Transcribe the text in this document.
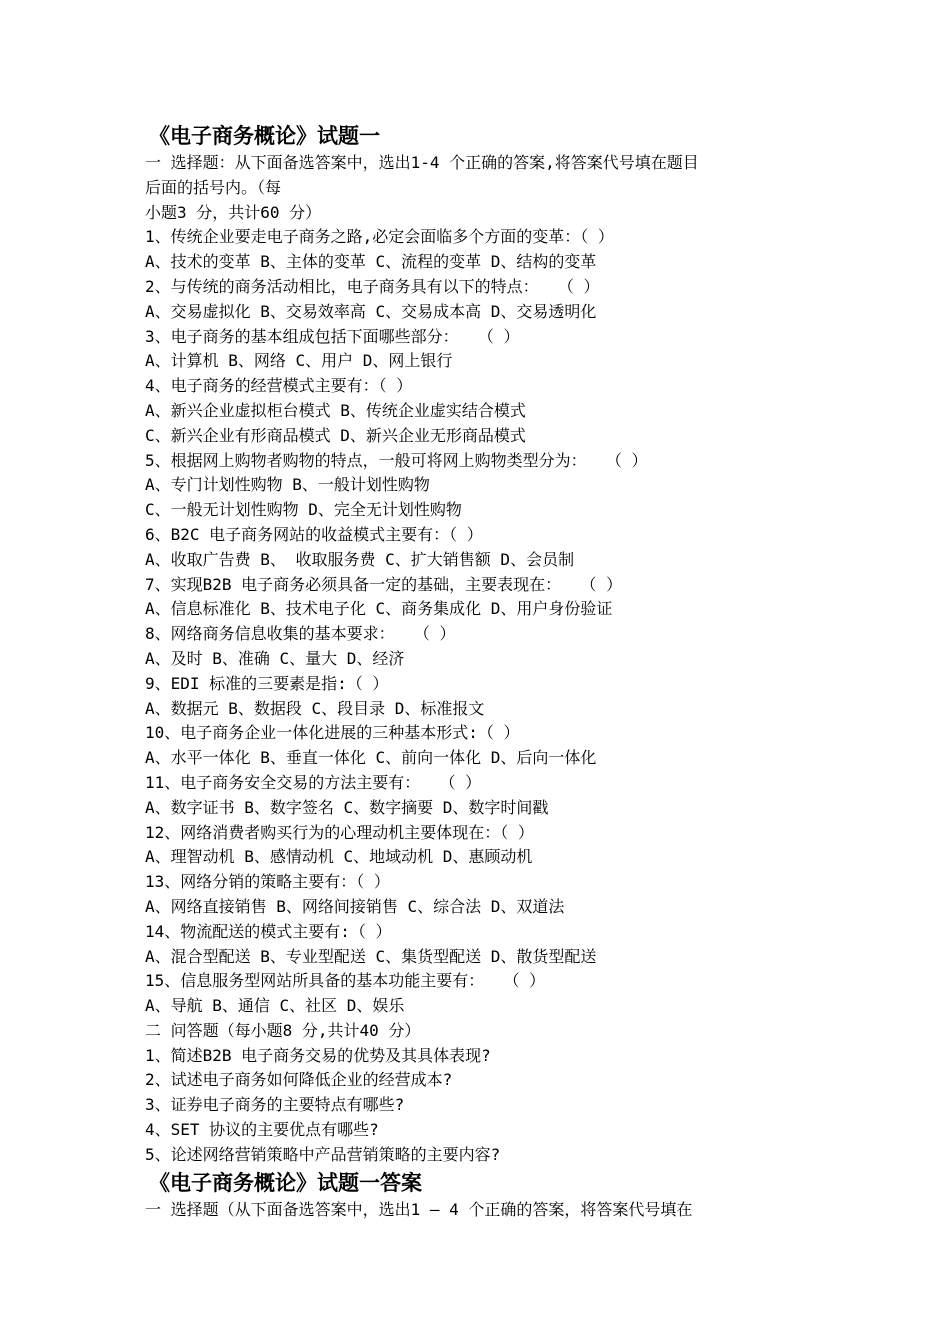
《电子商务概论》试题一
一 选择题：从下面备选答案中，选出1-4 个正确的答案,将答案代号填在题目
后面的括号内。（每
小题3 分，共计60 分）
1、传统企业要走电子商务之路,必定会面临多个方面的变革：（ ）
A、技术的变革 B、主体的变革 C、流程的变革 D、结构的变革
2、与传统的商务活动相比，电子商务具有以下的特点：  （ ）
A、交易虚拟化 B、交易效率高 C、交易成本高 D、交易透明化
3、电子商务的基本组成包括下面哪些部分：  （ ）
A、计算机 B、网络 C、用户 D、网上银行
4、电子商务的经营模式主要有：（ ）
A、新兴企业虚拟柜台模式 B、传统企业虚实结合模式
C、新兴企业有形商品模式 D、新兴企业无形商品模式
5、根据网上购物者购物的特点，一般可将网上购物类型分为：  （ ）
A、专门计划性购物 B、一般计划性购物
C、一般无计划性购物 D、完全无计划性购物
6、B2C 电子商务网站的收益模式主要有：（ ）
A、收取广告费 B、 收取服务费 C、扩大销售额 D、会员制
7、实现B2B 电子商务必须具备一定的基础，主要表现在：  （ ）
A、信息标准化 B、技术电子化 C、商务集成化 D、用户身份验证
8、网络商务信息收集的基本要求：  （ ）
A、及时 B、准确 C、量大 D、经济
9、EDI 标准的三要素是指:（ ）
A、数据元 B、数据段 C、段目录 D、标准报文
10、电子商务企业一体化进展的三种基本形式:（ ）
A、水平一体化 B、垂直一体化 C、前向一体化 D、后向一体化
11、电子商务安全交易的方法主要有：  （ ）
A、数字证书 B、数字签名 C、数字摘要 D、数字时间戳
12、网络消费者购买行为的心理动机主要体现在：（ ）
A、理智动机 B、感情动机 C、地域动机 D、惠顾动机
13、网络分销的策略主要有：（ ）
A、网络直接销售 B、网络间接销售 C、综合法 D、双道法
14、物流配送的模式主要有:（ ）
A、混合型配送 B、专业型配送 C、集货型配送 D、散货型配送
15、信息服务型网站所具备的基本功能主要有：  （ ）
A、导航 B、通信 C、社区 D、娱乐
二 问答题（每小题8 分,共计40 分）
1、简述B2B 电子商务交易的优势及其具体表现?
2、试述电子商务如何降低企业的经营成本?
3、证券电子商务的主要特点有哪些?
4、SET 协议的主要优点有哪些?
5、论述网络营销策略中产品营销策略的主要内容?
《电子商务概论》试题一答案
一 选择题（从下面备选答案中，选出1 — 4 个正确的答案，将答案代号填在
